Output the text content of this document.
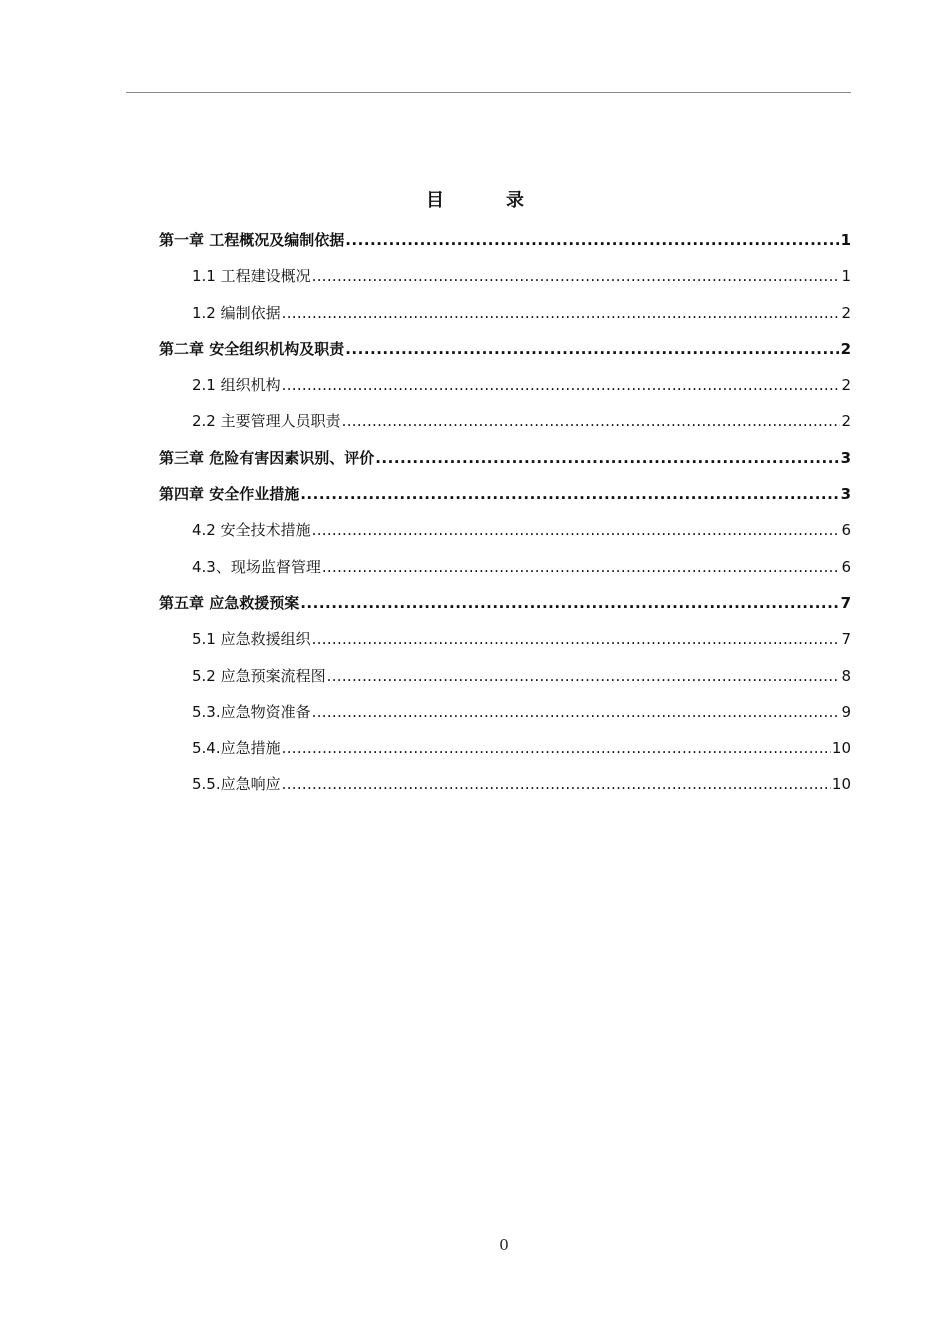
目	录
第一章 工程概况及编制依据 .....	1
1.1 工程建设概况 .....	1
1.2 编制依据 .....	2
第二章 安全组织机构及职责 .....	2
2.1 组织机构 .....	2
2.2 主要管理人员职责 .....	2
第三章 危险有害因素识别、评价 .....	3
第四章 安全作业措施 .....	3
4.2 安全技术措施 .....	6
4.3、现场监督管理 .....	6
第五章 应急救援预案 .....	7
5.1 应急救援组织 .....	7
5.2 应急预案流程图 .....	8
5.3.应急物资准备 .....	9
5.4.应急措施 .....	10
5.5.应急响应 .....	10
0
